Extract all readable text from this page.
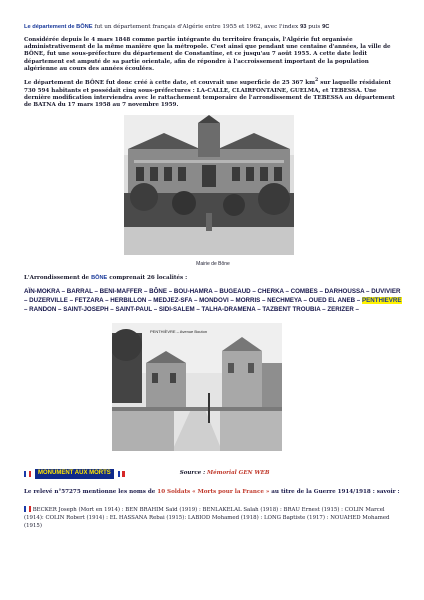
Le département de BÔNE fut un département français d'Algérie entre 1955 et 1962, avec l'index 93 puis 9C

Considérée depuis le 4 mars 1848 comme partie intégrante du territoire français, l'Algérie fut organisée administrativement de la même manière que la métropole. C'est ainsi que pendant une centaine d'années, la ville de BÔNE, fut une sous-préfecture du département de Constantine, et ce jusqu'au 7 août 1955. A cette date ledit département est amputé de sa partie orientale, afin de répondre à l'accroissement important de la population algérienne au cours des années écoulées.

Le département de BÔNE fut donc créé à cette date, et couvrait une superficie de 25 367 $km^2$ sur laquelle résidaient 730 594 habitants et possédait cinq sous-préfectures : LA-CALLE, CLAIRFONTAINE, GUELMA, et TEBESSA. Une dernière modification interviendra avec le rattachement temporaire de l'arrondissement de TEBESSA au département de BATNA du 17 mars 1958 au 7 novembre 1959.

Mairie de Bône

L'Arrondissement de BÔNE comprenait 26 localités :

AÏN-MOKRA – BARRAL – BENI-MAFFER – BÔNE – BOU-HAMRA – BUGEAUD – CHERKA – COMBES – DARHOUSSA – DUVIVIER – DUZERVILLE – FETZARA – HERBILLON – MEDJEZ-SFA – MONDOVI – MORRIS – NECHMEYA – OUED EL ANEB – PENTHIEVRE – RANDON – SAINT-JOSEPH – SAINT-PAUL – SIDI-SALEM – TALHA-DRAMENA – TAZBENT TROUBIA – ZERIZER –
PENTHIÈVRE – Avenue Bouton
MONUMENT AUX MORTS	Source : Mémorial GEN WEB
Le relevé n°57275 mentionne les noms de 10 Soldats « Morts pour la France » au titre de la Guerre 1914/1918 : savoir :
BECKER Joseph (Mort en 1914) : BEN BRAHIM Saïd (1919) : BENLAKELAL Salah (1918) : BRAU Ernest (1915) : COLIN Marcel (1914): COLIN Robert (1914) : EL HASSANA Rebai (1915): LABIOD Mohamed (1918) : LONG Baptiste (1917) : NOUAHED Mohamed (1915)
